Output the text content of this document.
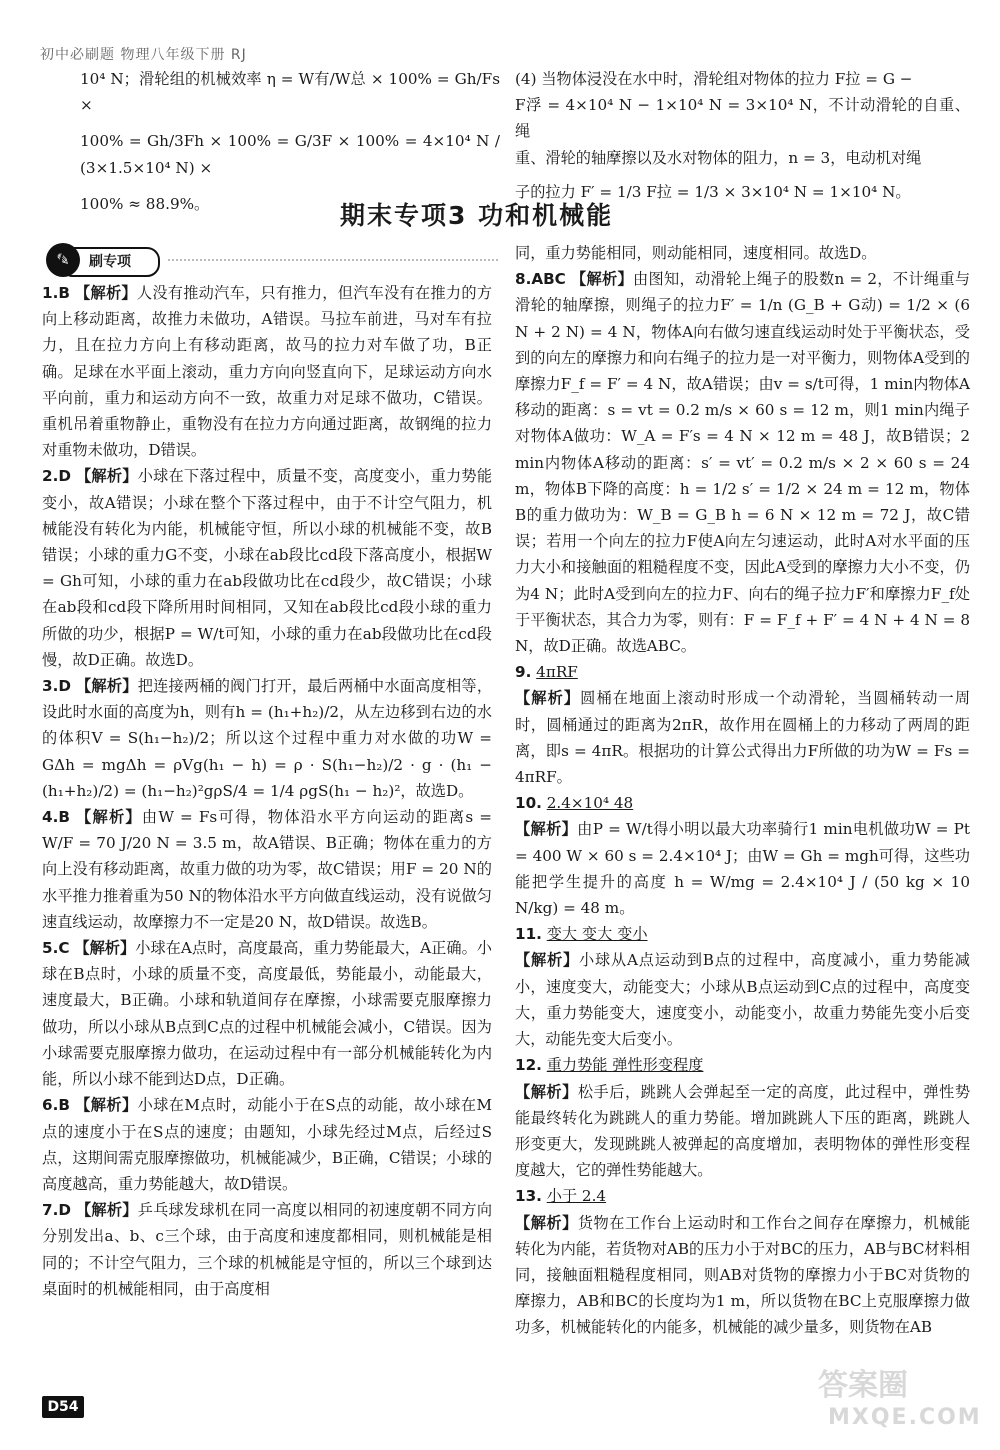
初中必刷题 物理八年级下册 RJ

10⁴ N；滑轮组的机械效率 η = W有/W总 × 100% = Gh/Fs ×

100% = Gh/3Fh × 100% = G/3F × 100% = 4×10⁴ N / (3×1.5×10⁴ N) ×

100% ≈ 88.9%。

(4) 当物体浸没在水中时，滑轮组对物体的拉力 F拉 = G −

F浮 = 4×10⁴ N − 1×10⁴ N = 3×10⁴ N，不计动滑轮的自重、绳

重、滑轮的轴摩擦以及水对物体的阻力，n = 3，电动机对绳

子的拉力 F′ = 1/3 F拉 = 1/3 × 3×10⁴ N = 1×10⁴ N。

期末专项3 功和机械能
✎	刷专项

1.B 【解析】人没有推动汽车，只有推力，但汽车没有在推力的方向上移动距离，故推力未做功，A错误。马拉车前进，马对车有拉力，且在拉力方向上有移动距离，故马的拉力对车做了功，B正确。足球在水平面上滚动，重力方向向竖直向下，足球运动方向水平向前，重力和运动方向不一致，故重力对足球不做功，C错误。重机吊着重物静止，重物没有在拉力方向通过距离，故钢绳的拉力对重物未做功，D错误。

2.D 【解析】小球在下落过程中，质量不变，高度变小，重力势能变小，故A错误；小球在整个下落过程中，由于不计空气阻力，机械能没有转化为内能，机械能守恒，所以小球的机械能不变，故B错误；小球的重力G不变，小球在ab段比cd段下落高度小，根据W = Gh可知，小球的重力在ab段做功比在cd段少，故C错误；小球在ab段和cd段下降所用时间相同，又知在ab段比cd段小球的重力所做的功少，根据P = W/t可知，小球的重力在ab段做功比在cd段慢，故D正确。故选D。

3.D 【解析】把连接两桶的阀门打开，最后两桶中水面高度相等，设此时水面的高度为h，则有h = (h₁+h₂)/2，从左边移到右边的水的体积V = S(h₁−h₂)/2；所以这个过程中重力对水做的功W = GΔh = mgΔh = ρVg(h₁ − h) = ρ · S(h₁−h₂)/2 · g · (h₁ − (h₁+h₂)/2) = (h₁−h₂)²gρS/4 = 1/4 ρgS(h₁ − h₂)²，故选D。

4.B 【解析】由W = Fs可得，物体沿水平方向运动的距离s = W/F = 70 J/20 N = 3.5 m，故A错误、B正确；物体在重力的方向上没有移动距离，故重力做的功为零，故C错误；用F = 20 N的水平推力推着重为50 N的物体沿水平方向做直线运动，没有说做匀速直线运动，故摩擦力不一定是20 N，故D错误。故选B。

5.C 【解析】小球在A点时，高度最高，重力势能最大，A正确。小球在B点时，小球的质量不变，高度最低，势能最小，动能最大，速度最大，B正确。小球和轨道间存在摩擦，小球需要克服摩擦力做功，所以小球从B点到C点的过程中机械能会减小，C错误。因为小球需要克服摩擦力做功，在运动过程中有一部分机械能转化为内能，所以小球不能到达D点，D正确。

6.B 【解析】小球在M点时，动能小于在S点的动能，故小球在M点的速度小于在S点的速度；由题知，小球先经过M点，后经过S点，这期间需克服摩擦做功，机械能减少，B正确，C错误；小球的高度越高，重力势能越大，故D错误。

7.D 【解析】乒乓球发球机在同一高度以相同的初速度朝不同方向分别发出a、b、c三个球，由于高度和速度都相同，则机械能是相同的；不计空气阻力，三个球的机械能是守恒的，所以三个球到达桌面时的机械能相同，由于高度相

同，重力势能相同，则动能相同，速度相同。故选D。

8.ABC 【解析】由图知，动滑轮上绳子的股数n = 2，不计绳重与滑轮的轴摩擦，则绳子的拉力F′ = 1/n (G_B + G动) = 1/2 × (6 N + 2 N) = 4 N，物体A向右做匀速直线运动时处于平衡状态，受到的向左的摩擦力和向右绳子的拉力是一对平衡力，则物体A受到的摩擦力F_f = F′ = 4 N，故A错误；由v = s/t可得，1 min内物体A移动的距离：s = vt = 0.2 m/s × 60 s = 12 m，则1 min内绳子对物体A做功：W_A = F′s = 4 N × 12 m = 48 J，故B错误；2 min内物体A移动的距离：s′ = vt′ = 0.2 m/s × 2 × 60 s = 24 m，物体B下降的高度：h = 1/2 s′ = 1/2 × 24 m = 12 m，物体B的重力做功为：W_B = G_B h = 6 N × 12 m = 72 J，故C错误；若用一个向左的拉力F使A向左匀速运动，此时A对水平面的压力大小和接触面的粗糙程度不变，因此A受到的摩擦力大小不变，仍为4 N；此时A受到向左的拉力F、向右的绳子拉力F′和摩擦力F_f处于平衡状态，其合力为零，则有：F = F_f + F′ = 4 N + 4 N = 8 N，故D正确。故选ABC。

9. 4πRF

【解析】圆桶在地面上滚动时形成一个动滑轮，当圆桶转动一周时，圆桶通过的距离为2πR，故作用在圆桶上的力移动了两周的距离，即s = 4πR。根据功的计算公式得出力F所做的功为W = Fs = 4πRF。

10. 2.4×10⁴ 48

【解析】由P = W/t得小明以最大功率骑行1 min电机做功W = Pt = 400 W × 60 s = 2.4×10⁴ J；由W = Gh = mgh可得，这些功能把学生提升的高度 h = W/mg = 2.4×10⁴ J / (50 kg × 10 N/kg) = 48 m。

11. 变大 变大 变小

【解析】小球从A点运动到B点的过程中，高度减小，重力势能减小，速度变大，动能变大；小球从B点运动到C点的过程中，高度变大，重力势能变大，速度变小，动能变小，故重力势能先变小后变大，动能先变大后变小。

12. 重力势能 弹性形变程度

【解析】松手后，跳跳人会弹起至一定的高度，此过程中，弹性势能最终转化为跳跳人的重力势能。增加跳跳人下压的距离，跳跳人形变更大，发现跳跳人被弹起的高度增加，表明物体的弹性形变程度越大，它的弹性势能越大。

13. 小于 2.4

【解析】货物在工作台上运动时和工作台之间存在摩擦力，机械能转化为内能，若货物对AB的压力小于对BC的压力，AB与BC材料相同，接触面粗糙程度相同，则AB对货物的摩擦力小于BC对货物的摩擦力，AB和BC的长度均为1 m，所以货物在BC上克服摩擦力做功多，机械能转化的内能多，机械能的减少量多，则货物在AB

D54
答案圈
MXQE.COM
